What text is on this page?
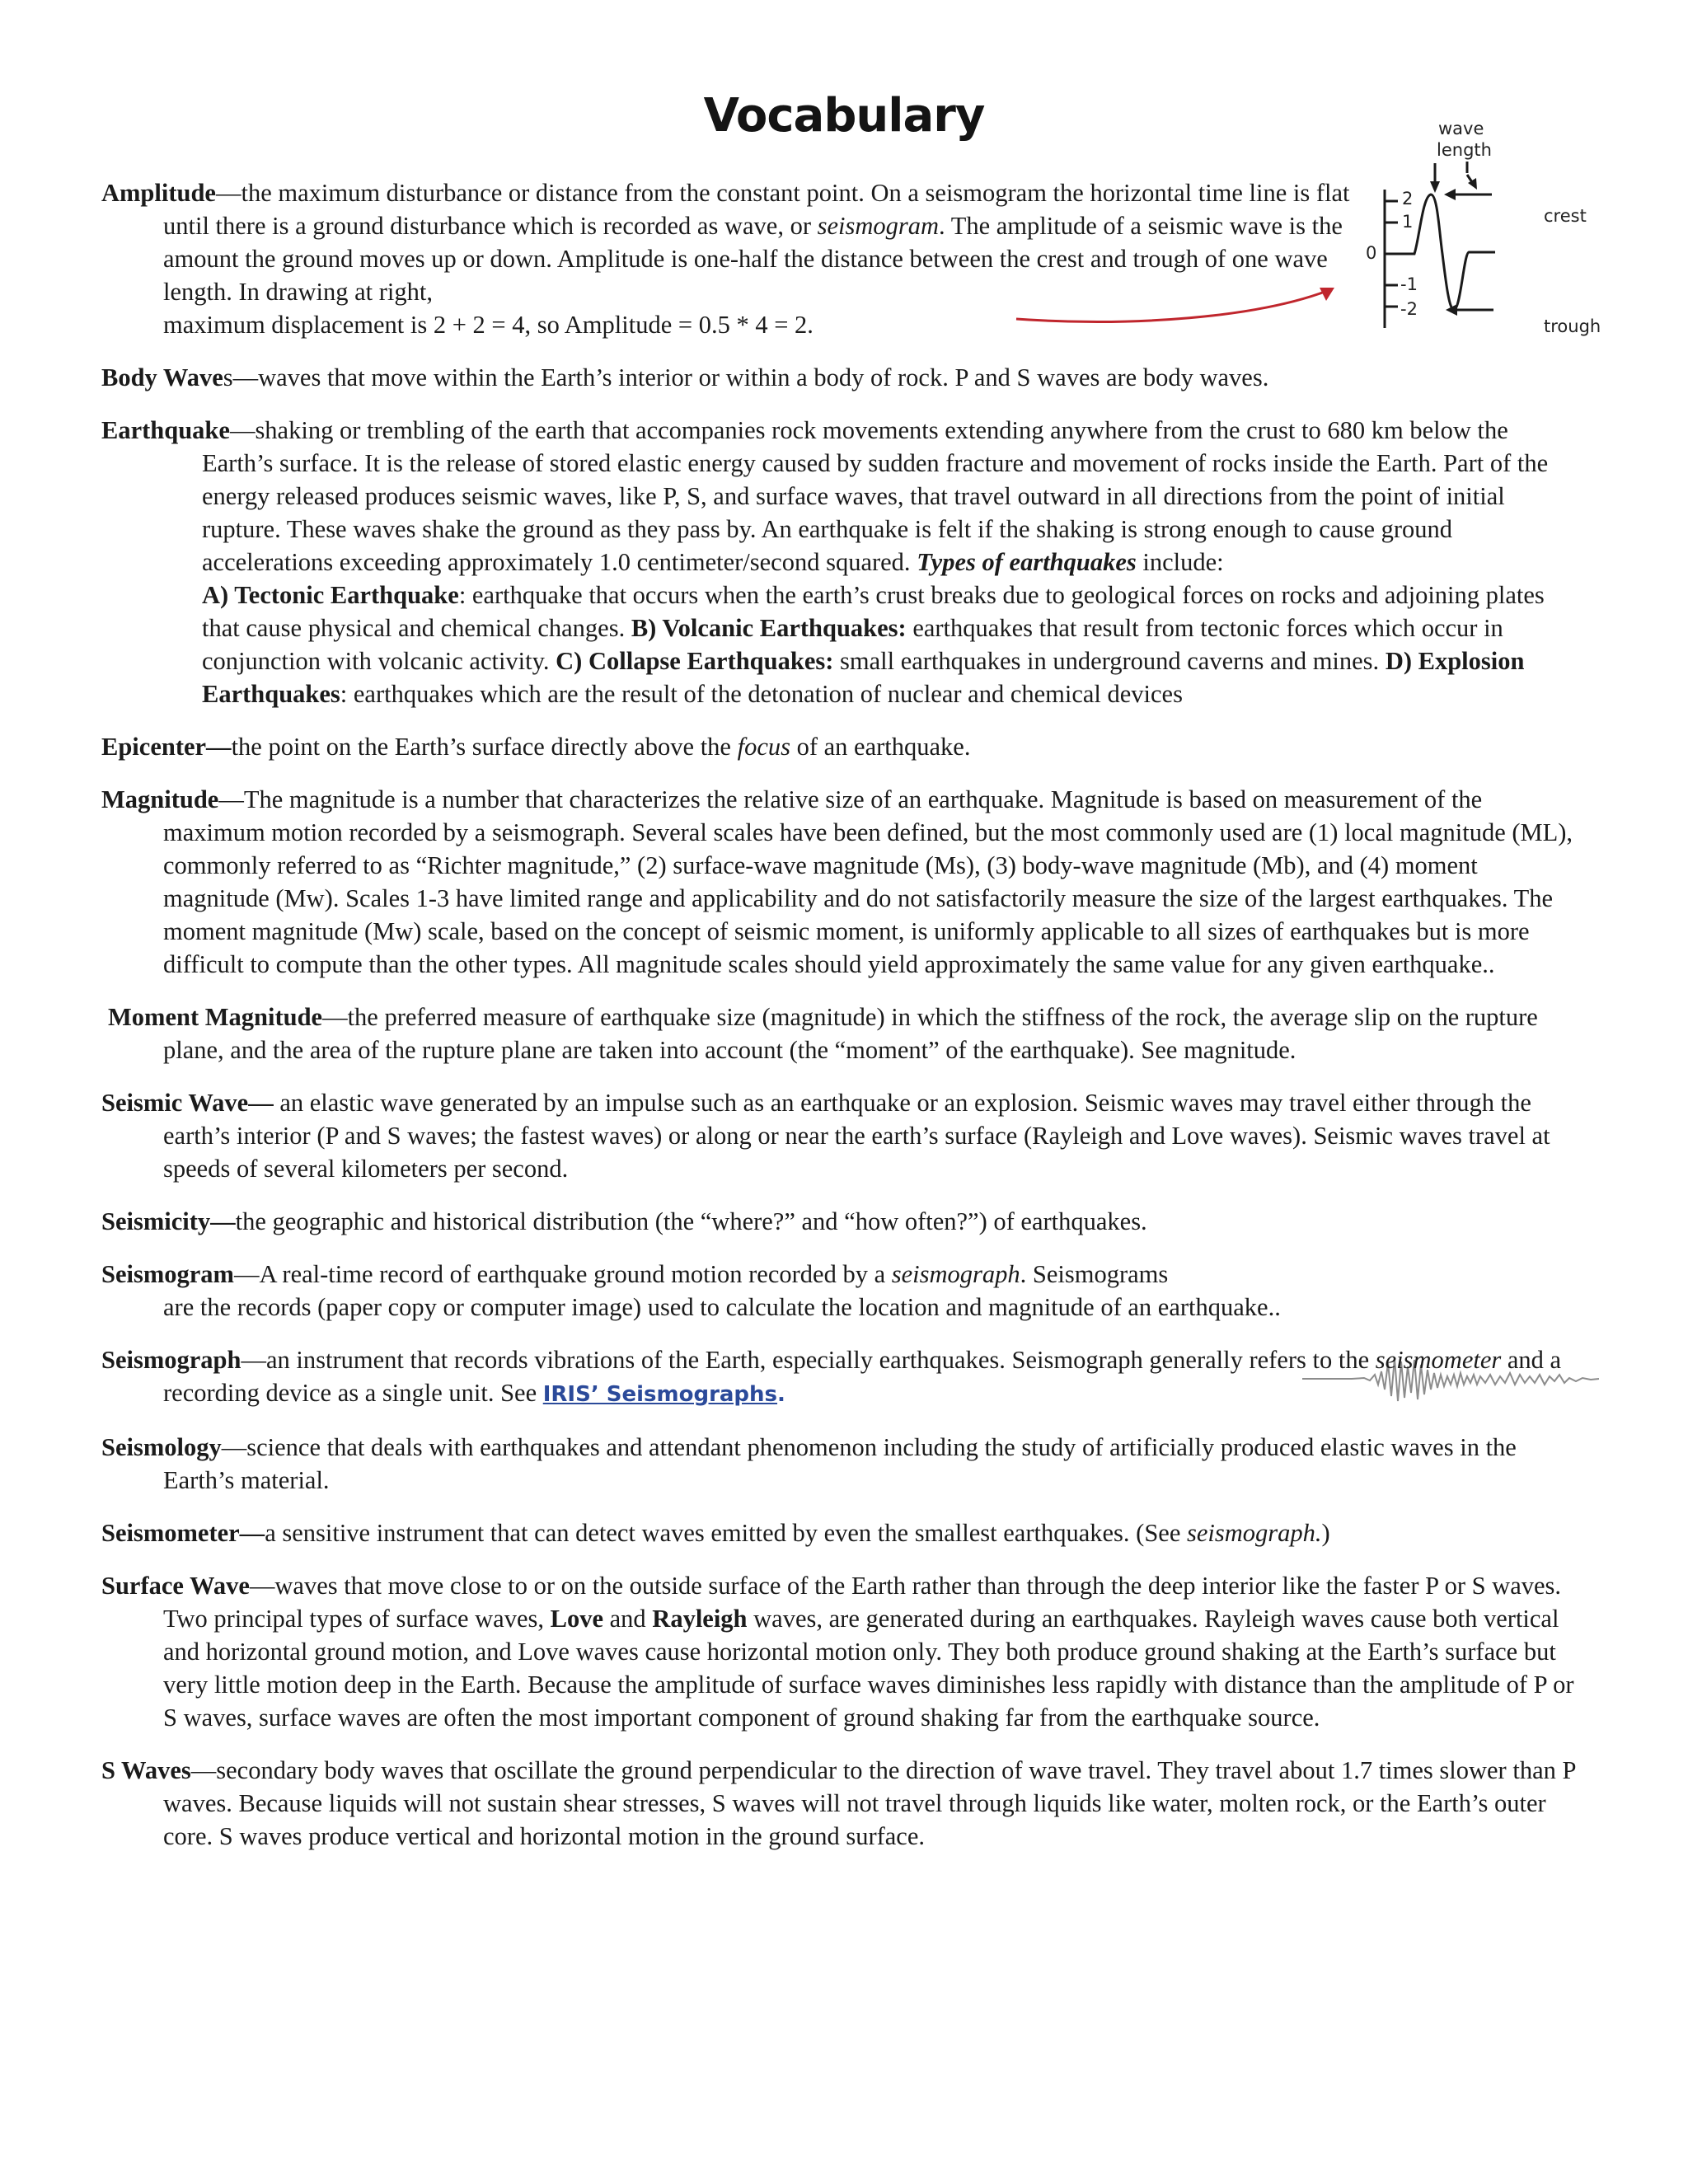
Vocabulary	wave
length
crest
trough
2
1
0
-1
-2

Amplitude—the maximum disturbance or distance from the constant point. On a seismogram the horizontal time line is flat until there is a ground disturbance which is recorded as wave, or seismogram. The amplitude of a seismic wave is the amount the ground moves up or down. Amplitude is one-half the distance between the crest and trough of one wave length. In drawing at right,

maximum displacement is 2 + 2 = 4, so Amplitude = 0.5 * 4 = 2.

Body Waves—waves that move within the Earth’s interior or within a body of rock. P and S waves are body waves.

Earthquake—shaking or trembling of the earth that accompanies rock movements extending anywhere from the crust to 680 km below the Earth’s surface. It is the release of stored elastic energy caused by sudden fracture and movement of rocks inside the Earth. Part of the energy released produces seismic waves, like P, S, and surface waves, that travel outward in all directions from the point of initial rupture. These waves shake the ground as they pass by. An earthquake is felt if the shaking is strong enough to cause ground accelerations exceeding approximately 1.0 centimeter/second squared. Types of earthquakes include:

A) Tectonic Earthquake: earthquake that occurs when the earth’s crust breaks due to geological forces on rocks and adjoining plates that cause physical and chemical changes. B) Volcanic Earthquakes: earthquakes that result from tectonic forces which occur in conjunction with volcanic activity. C) Collapse Earthquakes: small earthquakes in underground caverns and mines. D) Explosion Earthquakes: earthquakes which are the result of the detonation of nuclear and chemical devices

Epicenter—the point on the Earth’s surface directly above the focus of an earthquake.

Magnitude—The magnitude is a number that characterizes the relative size of an earthquake. Magnitude is based on measurement of the maximum motion recorded by a seismograph. Several scales have been defined, but the most commonly used are (1) local magnitude (ML), commonly referred to as “Richter magnitude,” (2) surface-wave magnitude (Ms), (3) body-wave magnitude (Mb), and (4) moment magnitude (Mw). Scales 1-3 have limited range and applicability and do not satisfactorily measure the size of the largest earthquakes. The moment magnitude (Mw) scale, based on the concept of seismic moment, is uniformly applicable to all sizes of earthquakes but is more difficult to compute than the other types. All magnitude scales should yield approximately the same value for any given earthquake..

Moment Magnitude—the preferred measure of earthquake size (magnitude) in which the stiffness of the rock, the average slip on the rupture plane, and the area of the rupture plane are taken into account (the “moment” of the earthquake). See magnitude.

Seismic Wave— an elastic wave generated by an impulse such as an earthquake or an explosion. Seismic waves may travel either through the earth’s interior (P and S waves; the fastest waves) or along or near the earth’s surface (Rayleigh and Love waves). Seismic waves travel at speeds of several kilometers per second.

Seismicity—the geographic and historical distribution (the “where?” and “how often?”) of earthquakes.

Seismogram—A real-time record of earthquake ground motion recorded by a seismograph. Seismograms

are the records (paper copy or computer image) used to calculate the location and magnitude of an earthquake..

Seismograph—an instrument that records vibrations of the Earth, especially earthquakes. Seismograph generally refers to the seismometer and a recording device as a single unit. See IRIS’ Seismographs.

Seismology—science that deals with earthquakes and attendant phenomenon including the study of artificially produced elastic waves in the Earth’s material.

Seismometer—a sensitive instrument that can detect waves emitted by even the smallest earthquakes. (See seismograph.)

Surface Wave—waves that move close to or on the outside surface of the Earth rather than through the deep interior like the faster P or S waves. Two principal types of surface waves, Love and Rayleigh waves, are generated during an earthquakes. Rayleigh waves cause both vertical and horizontal ground motion, and Love waves cause horizontal motion only. They both produce ground shaking at the Earth’s surface but very little motion deep in the Earth. Because the amplitude of surface waves diminishes less rapidly with distance than the amplitude of P or S waves, surface waves are often the most important component of ground shaking far from the earthquake source.

S Waves—secondary body waves that oscillate the ground perpendicular to the direction of wave travel. They travel about 1.7 times slower than P waves. Because liquids will not sustain shear stresses, S waves will not travel through liquids like water, molten rock, or the Earth’s outer core. S waves produce vertical and horizontal motion in the ground surface.
